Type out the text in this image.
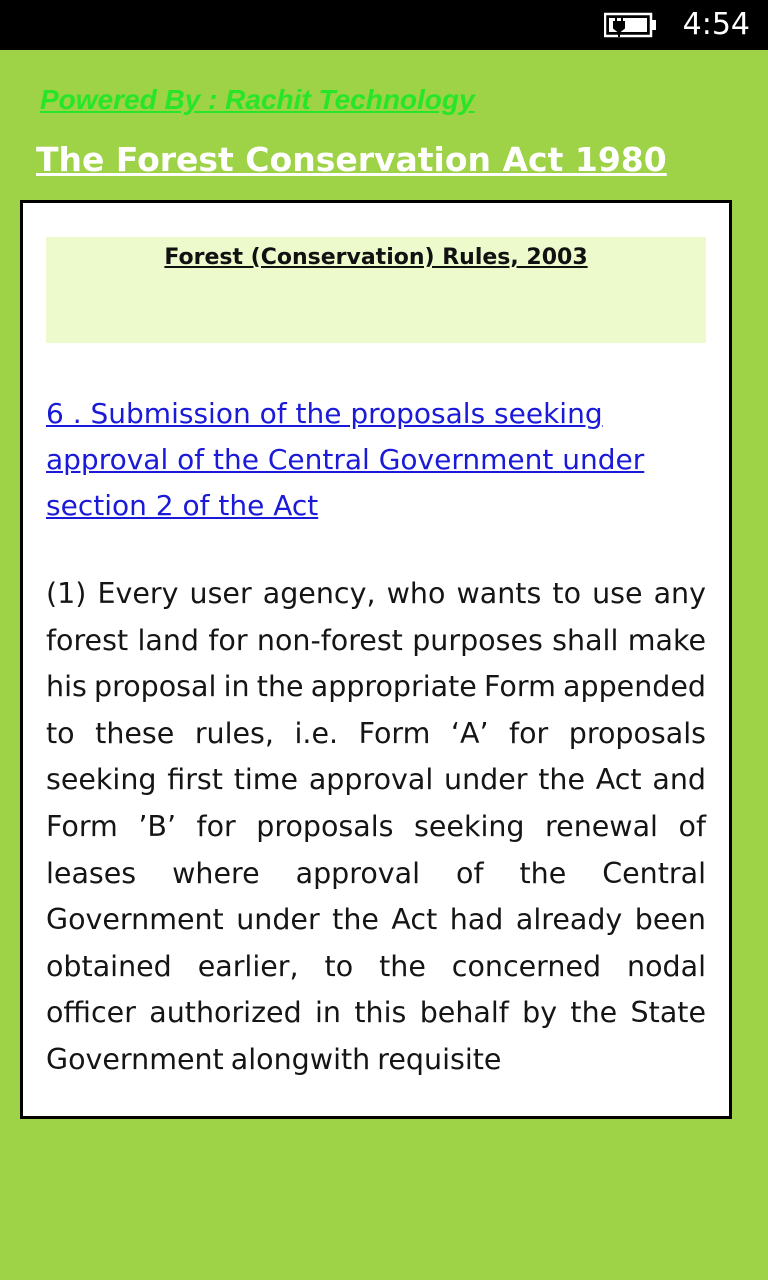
4:54
Powered By : Rachit Technology
The Forest Conservation Act 1980
Forest (Conservation) Rules, 2003
6 . Submission of the proposals seeking approval of the Central Government under section 2 of the Act

(1) Every user agency, who wants to use any forest land for non-forest purposes shall make his proposal in the appropriate Form appended to these rules, i.e. Form ‘A’ for proposals seeking first time approval under the Act and Form ’B’ for proposals seeking renewal of leases where approval of the Central Government under the Act had already been obtained earlier, to the concerned nodal officer authorized in this behalf by the State Government alongwith requisite
